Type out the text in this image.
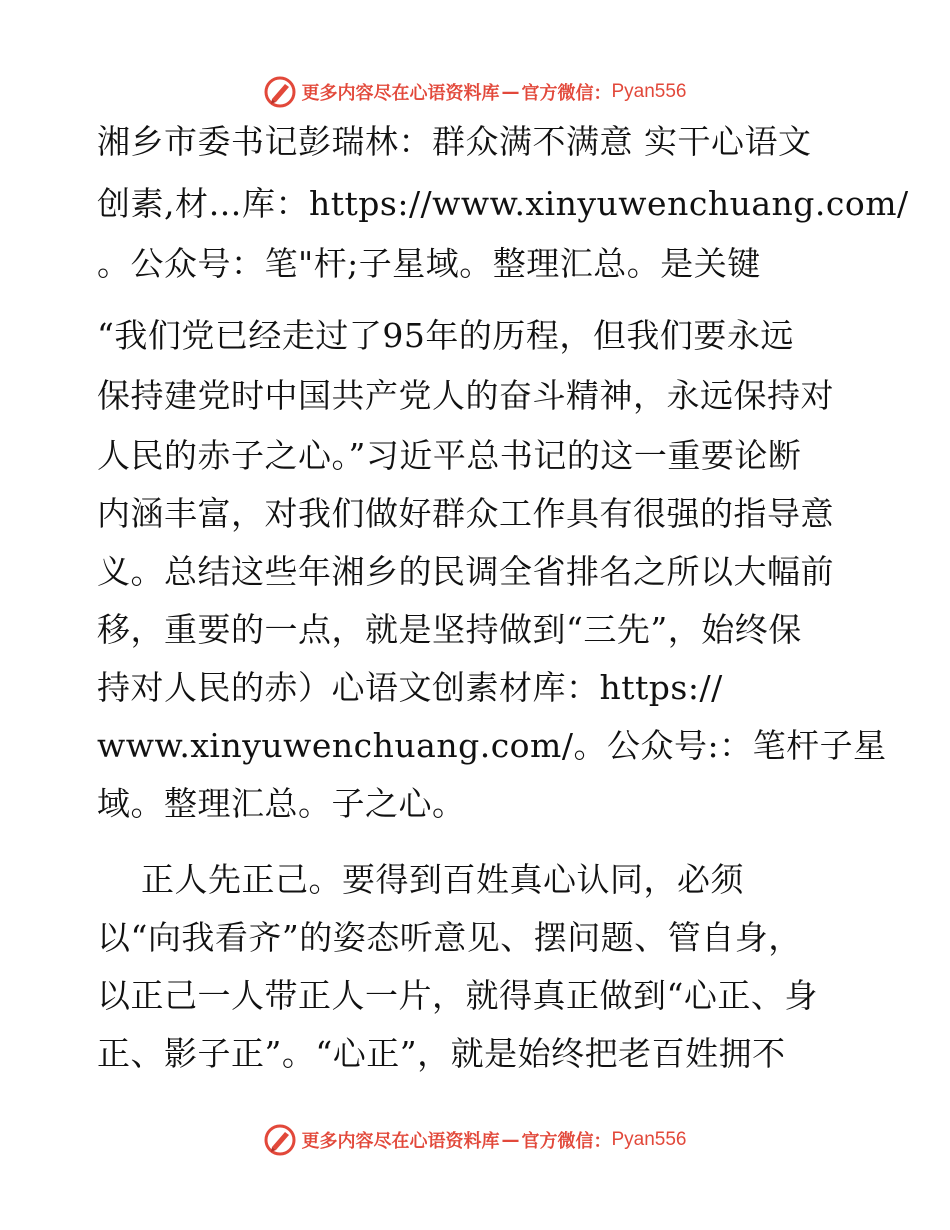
更多内容尽在心语资料库 — 官方微信： Pyan556
湘乡市委书记彭瑞林：群众满不满意 实干心语文
创素,材…库：https://www.xinyuwenchuang.com/
。公众号：笔"杆;子星域。整理汇总。是关键
“我们党已经走过了95年的历程，但我们要永远
保持建党时中国共产党人的奋斗精神，永远保持对
人民的赤子之心。”习近平总书记的这一重要论断
内涵丰富，对我们做好群众工作具有很强的指导意
义。总结这些年湘乡的民调全省排名之所以大幅前
移，重要的一点，就是坚持做到“三先”，始终保
持对人民的赤）心语文创素材库：https://
www.xinyuwenchuang.com/。公众号:：笔杆子星
域。整理汇总。子之心。
正人先正己。要得到百姓真心认同，必须
以“向我看齐”的姿态听意见、摆问题、管自身，
以正己一人带正人一片，就得真正做到“心正、身
正、影子正”。“心正”，就是始终把老百姓拥不
更多内容尽在心语资料库 — 官方微信： Pyan556
